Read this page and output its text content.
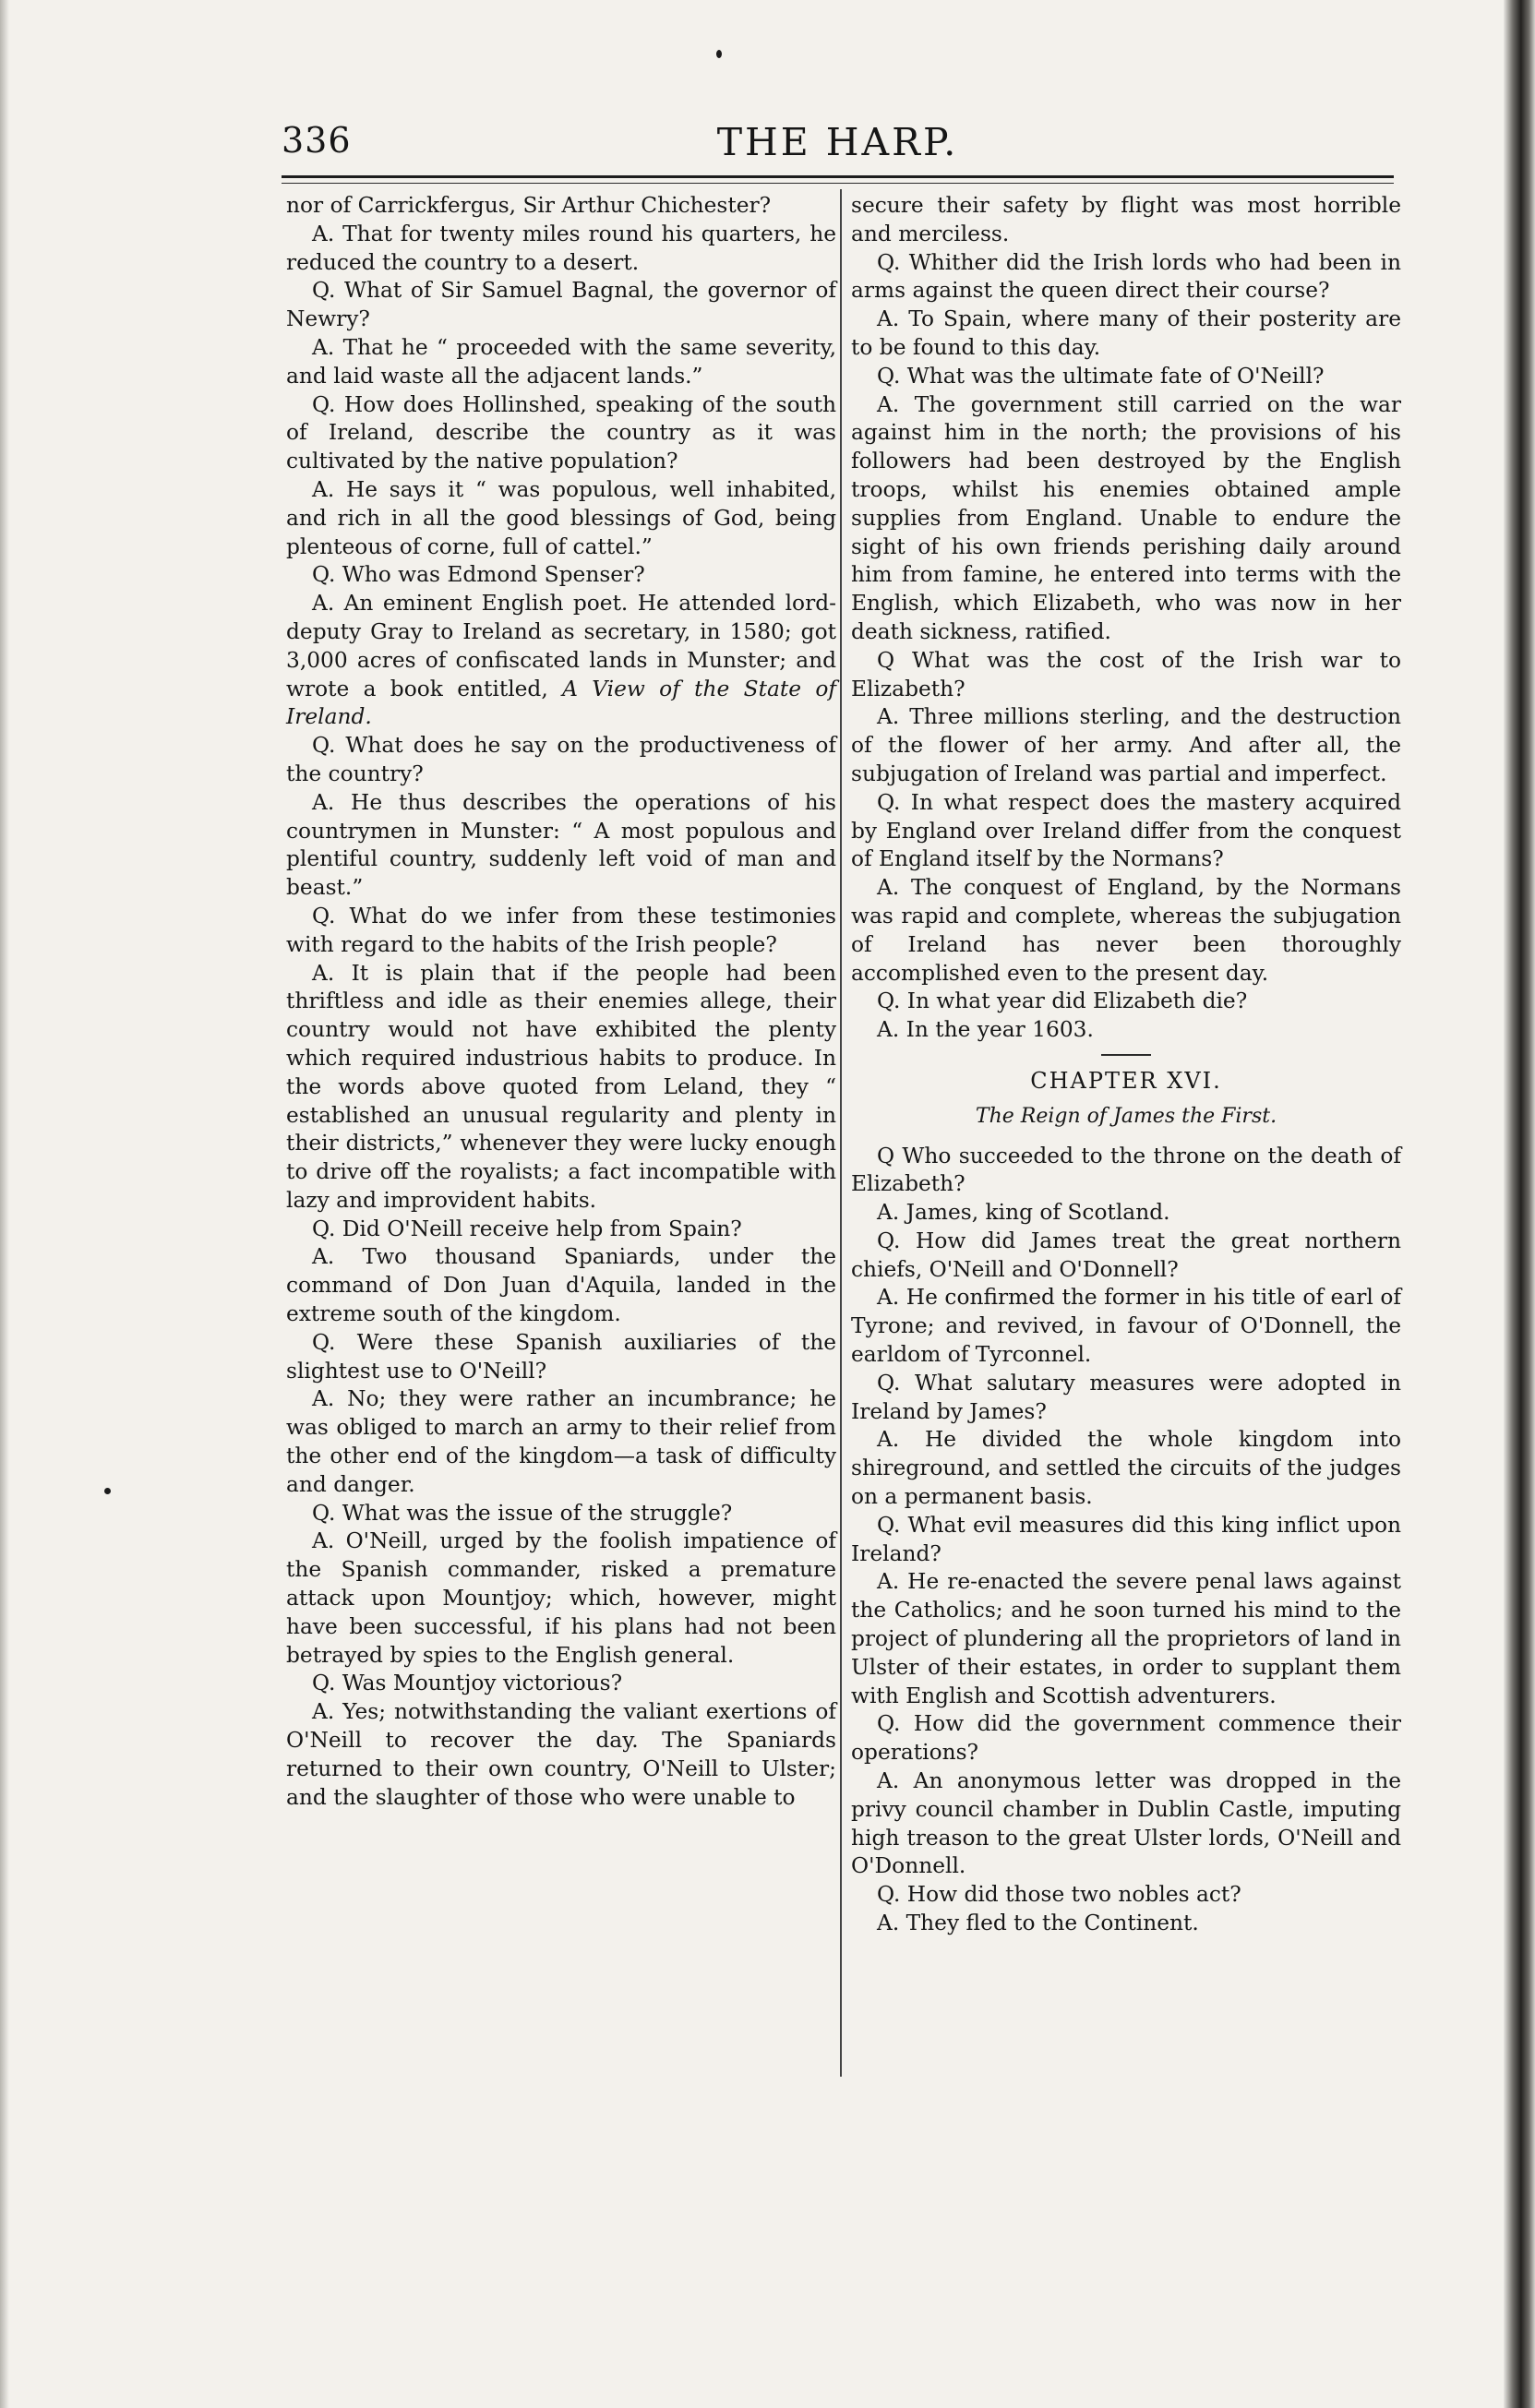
336	THE HARP.

nor of Carrickfergus, Sir Arthur Chichester?

A. That for twenty miles round his quarters, he reduced the country to a desert.

Q. What of Sir Samuel Bagnal, the governor of Newry?

A. That he “ proceeded with the same severity, and laid waste all the adjacent lands.”

Q. How does Hollinshed, speaking of the south of Ireland, describe the country as it was cultivated by the native population?

A. He says it “ was populous, well inhabited, and rich in all the good blessings of God, being plenteous of corne, full of cattel.”

Q. Who was Edmond Spenser?

A. An eminent English poet. He attended lord-deputy Gray to Ireland as secretary, in 1580; got 3,000 acres of confiscated lands in Munster; and wrote a book entitled, A View of the State of Ireland.

Q. What does he say on the productiveness of the country?

A. He thus describes the operations of his countrymen in Munster: “ A most populous and plentiful country, suddenly left void of man and beast.”

Q. What do we infer from these testimonies with regard to the habits of the Irish people?

A. It is plain that if the people had been thriftless and idle as their enemies allege, their country would not have exhibited the plenty which required industrious habits to produce. In the words above quoted from Leland, they “ established an unusual regularity and plenty in their districts,” whenever they were lucky enough to drive off the royalists; a fact incompatible with lazy and improvident habits.

Q. Did O'Neill receive help from Spain?

A. Two thousand Spaniards, under the command of Don Juan d'Aquila, landed in the extreme south of the kingdom.

Q. Were these Spanish auxiliaries of the slightest use to O'Neill?

A. No; they were rather an incumbrance; he was obliged to march an army to their relief from the other end of the kingdom—a task of difficulty and danger.

Q. What was the issue of the struggle?

A. O'Neill, urged by the foolish impatience of the Spanish commander, risked a premature attack upon Mountjoy; which, however, might have been successful, if his plans had not been betrayed by spies to the English general.

Q. Was Mountjoy victorious?

A. Yes; notwithstanding the valiant exertions of O'Neill to recover the day. The Spaniards returned to their own country, O'Neill to Ulster; and the slaughter of those who were unable to

secure their safety by flight was most horrible and merciless.

Q. Whither did the Irish lords who had been in arms against the queen direct their course?

A. To Spain, where many of their posterity are to be found to this day.

Q. What was the ultimate fate of O'Neill?

A. The government still carried on the war against him in the north; the provisions of his followers had been destroyed by the English troops, whilst his enemies obtained ample supplies from England. Unable to endure the sight of his own friends perishing daily around him from famine, he entered into terms with the English, which Elizabeth, who was now in her death sickness, ratified.

Q What was the cost of the Irish war to Elizabeth?

A. Three millions sterling, and the destruction of the flower of her army. And after all, the subjugation of Ireland was partial and imperfect.

Q. In what respect does the mastery acquired by England over Ireland differ from the conquest of England itself by the Normans?

A. The conquest of England, by the Normans was rapid and complete, whereas the subjugation of Ireland has never been thoroughly accomplished even to the present day.

Q. In what year did Elizabeth die?

A. In the year 1603.

CHAPTER XVI.
The Reign of James the First.

Q Who succeeded to the throne on the death of Elizabeth?

A. James, king of Scotland.

Q. How did James treat the great northern chiefs, O'Neill and O'Donnell?

A. He confirmed the former in his title of earl of Tyrone; and revived, in favour of O'Donnell, the earldom of Tyrconnel.

Q. What salutary measures were adopted in Ireland by James?

A. He divided the whole kingdom into shireground, and settled the circuits of the judges on a permanent basis.

Q. What evil measures did this king inflict upon Ireland?

A. He re-enacted the severe penal laws against the Catholics; and he soon turned his mind to the project of plundering all the proprietors of land in Ulster of their estates, in order to supplant them with English and Scottish adventurers.

Q. How did the government commence their operations?

A. An anonymous letter was dropped in the privy council chamber in Dublin Castle, imputing high treason to the great Ulster lords, O'Neill and O'Donnell.

Q. How did those two nobles act?

A. They fled to the Continent.
